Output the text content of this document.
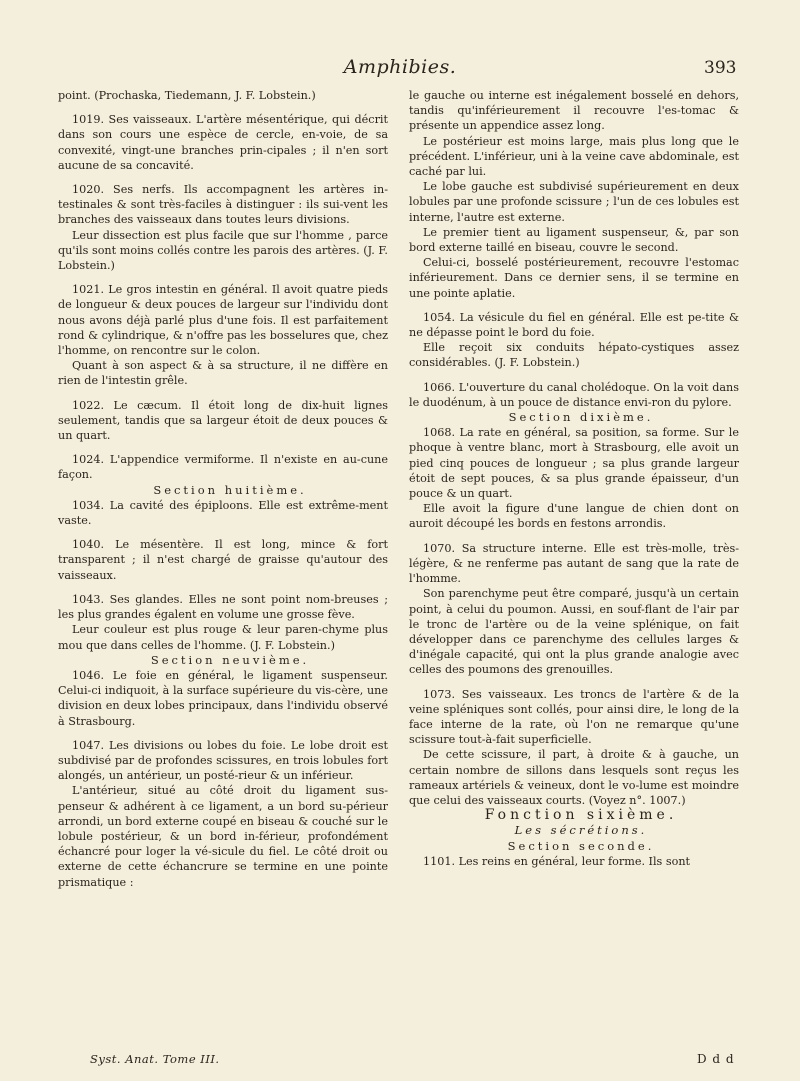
Amphibies.	393

point. (Prochaska, Tiedemann, J. F. Lobstein.)

1019. Ses vaisseaux. L'artère mésentérique, qui décrit dans son cours une espèce de cercle, en-voie, de sa convexité, vingt-une branches prin-cipales ; il n'en sort aucune de sa concavité.

1020. Ses nerfs. Ils accompagnent les artères in-testinales & sont très-faciles à distinguer : ils sui-vent les branches des vaisseaux dans toutes leurs divisions.

Leur dissection est plus facile que sur l'homme , parce qu'ils sont moins collés contre les parois des artères. (J. F. Lobstein.)

1021. Le gros intestin en général. Il avoit quatre pieds de longueur & deux pouces de largeur sur l'individu dont nous avons déjà parlé plus d'une fois. Il est parfaitement rond & cylindrique, & n'offre pas les bosselures que, chez l'homme, on rencontre sur le colon.

Quant à son aspect & à sa structure, il ne diffère en rien de l'intestin grêle.

1022. Le cæcum. Il étoit long de dix-huit lignes seulement, tandis que sa largeur étoit de deux pouces & un quart.

1024. L'appendice vermiforme. Il n'existe en au-cune façon.

Section huitième.

1034. La cavité des épiploons. Elle est extrême-ment vaste.

1040. Le mésentère. Il est long, mince & fort transparent ; il n'est chargé de graisse qu'autour des vaisseaux.

1043. Ses glandes. Elles ne sont point nom-breuses ; les plus grandes égalent en volume une grosse fève.

Leur couleur est plus rouge & leur paren-chyme plus mou que dans celles de l'homme. (J. F. Lobstein.)

Section neuvième.

1046. Le foie en général, le ligament suspenseur. Celui-ci indiquoit, à la surface supérieure du vis-cère, une division en deux lobes principaux, dans l'individu observé à Strasbourg.

1047. Les divisions ou lobes du foie. Le lobe droit est subdivisé par de profondes scissures, en trois lobules fort alongés, un antérieur, un posté-rieur & un inférieur.

L'antérieur, situé au côté droit du ligament sus-penseur & adhérent à ce ligament, a un bord su-périeur arrondi, un bord externe coupé en biseau & couché sur le lobule postérieur, & un bord in-férieur, profondément échancré pour loger la vé-sicule du fiel. Le côté droit ou externe de cette échancrure se termine en une pointe prismatique :

le gauche ou interne est inégalement bosselé en dehors, tandis qu'inférieurement il recouvre l'es-tomac & présente un appendice assez long.

Le postérieur est moins large, mais plus long que le précédent. L'inférieur, uni à la veine cave abdominale, est caché par lui.

Le lobe gauche est subdivisé supérieurement en deux lobules par une profonde scissure ; l'un de ces lobules est interne, l'autre est externe.

Le premier tient au ligament suspenseur, &, par son bord externe taillé en biseau, couvre le second.

Celui-ci, bosselé postérieurement, recouvre l'estomac inférieurement. Dans ce dernier sens, il se termine en une pointe aplatie.

1054. La vésicule du fiel en général. Elle est pe-tite & ne dépasse point le bord du foie.

Elle reçoit six conduits hépato-cystiques assez considérables. (J. F. Lobstein.)

1066. L'ouverture du canal cholédoque. On la voit dans le duodénum, à un pouce de distance envi-ron du pylore.

Section dixième.

1068. La rate en général, sa position, sa forme. Sur le phoque à ventre blanc, mort à Strasbourg, elle avoit un pied cinq pouces de longueur ; sa plus grande largeur étoit de sept pouces, & sa plus grande épaisseur, d'un pouce & un quart.

Elle avoit la figure d'une langue de chien dont on auroit découpé les bords en festons arrondis.

1070. Sa structure interne. Elle est très-molle, très-légère, & ne renferme pas autant de sang que la rate de l'homme.

Son parenchyme peut être comparé, jusqu'à un certain point, à celui du poumon. Aussi, en souf-flant de l'air par le tronc de l'artère ou de la veine splénique, on fait développer dans ce parenchyme des cellules larges & d'inégale capacité, qui ont la plus grande analogie avec celles des poumons des grenouilles.

1073. Ses vaisseaux. Les troncs de l'artère & de la veine spléniques sont collés, pour ainsi dire, le long de la face interne de la rate, où l'on ne remarque qu'une scissure tout-à-fait superficielle.

De cette scissure, il part, à droite & à gauche, un certain nombre de sillons dans lesquels sont reçus les rameaux artériels & veineux, dont le vo-lume est moindre que celui des vaisseaux courts. (Voyez n°. 1007.)

Fonction sixième.

Les sécrétions.

Section seconde.

1101. Les reins en général, leur forme. Ils sont

Syst. Anat. Tome III.	D d d
